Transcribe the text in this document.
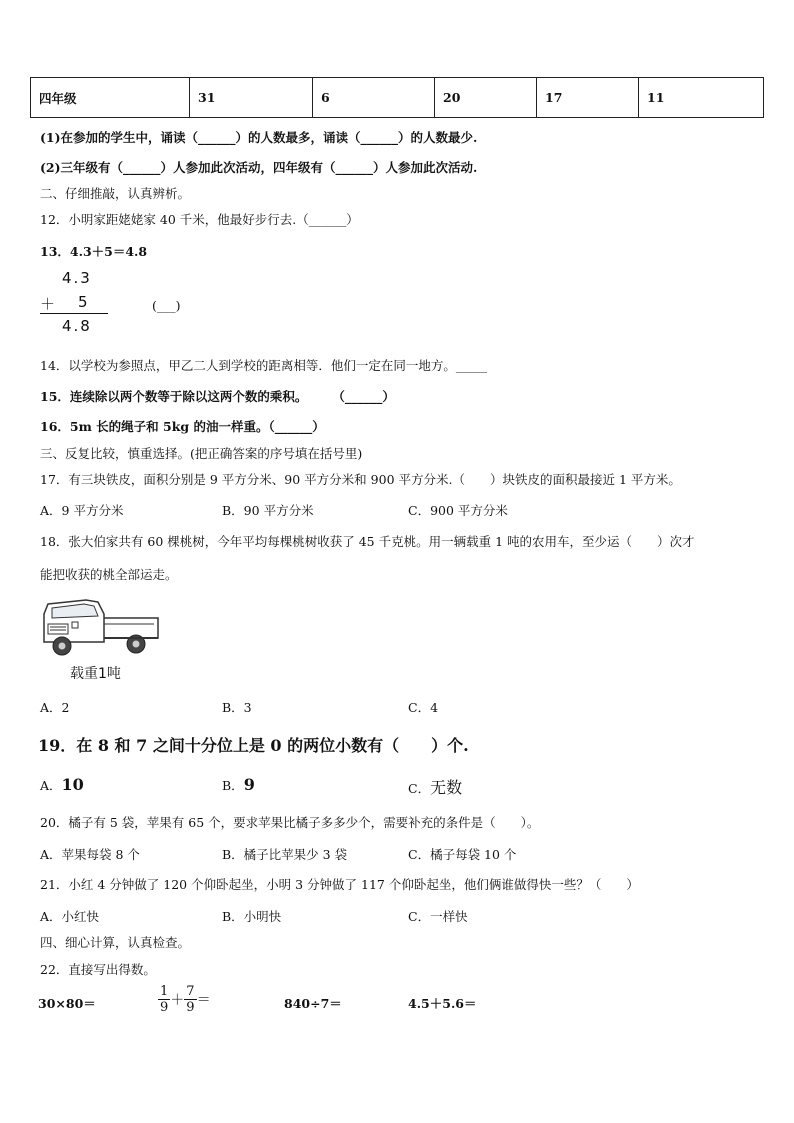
四年级	31	6	20	17	11
(1)在参加的学生中，诵读（______）的人数最多，诵读（______）的人数最少.
(2)三年级有（______）人参加此次活动，四年级有（______）人参加此次活动.
二、仔细推敲，认真辨析。
12．小明家距姥姥家 40 千米，他最好步行去.（______）
13．4.3＋5＝4.8
4.3
＋ 5
4.8
(___)
14．以学校为参照点，甲乙二人到学校的距离相等．他们一定在同一地方。_____
15．连续除以两个数等于除以这两个数的乘积。　　　（______）
16．5m 长的绳子和 5kg 的油一样重。（______）
三、反复比较，慎重选择。(把正确答案的序号填在括号里)
17．有三块铁皮，面积分别是 9 平方分米、90 平方分米和 900 平方分米.（　　）块铁皮的面积最接近 1 平方米。
A．9 平方分米	B．90 平方分米	C．900 平方分米
18．张大伯家共有 60 棵桃树，今年平均每棵桃树收获了 45 千克桃。用一辆载重 1 吨的农用车，至少运（　　）次才
能把收获的桃全部运走。
载重1吨
A．2	B．3	C．4
19．在 8 和 7 之间十分位上是 0 的两位小数有（　　）个.
A．10	B．9	C．无数
20．橘子有 5 袋，苹果有 65 个，要求苹果比橘子多多少个，需要补充的条件是（　　）。
A．苹果每袋 8 个	B．橘子比苹果少 3 袋	C．橘子每袋 10 个
21．小红 4 分钟做了 120 个仰卧起坐，小明 3 分钟做了 117 个仰卧起坐，他们俩谁做得快一些？（　　）
A．小红快	B．小明快	C．一样快
四、细心计算，认真检查。
22．直接写出得数。
30×80＝	$\frac{1}{9} + \frac{7}{9}$ ＝	840÷7＝	4.5＋5.6＝
